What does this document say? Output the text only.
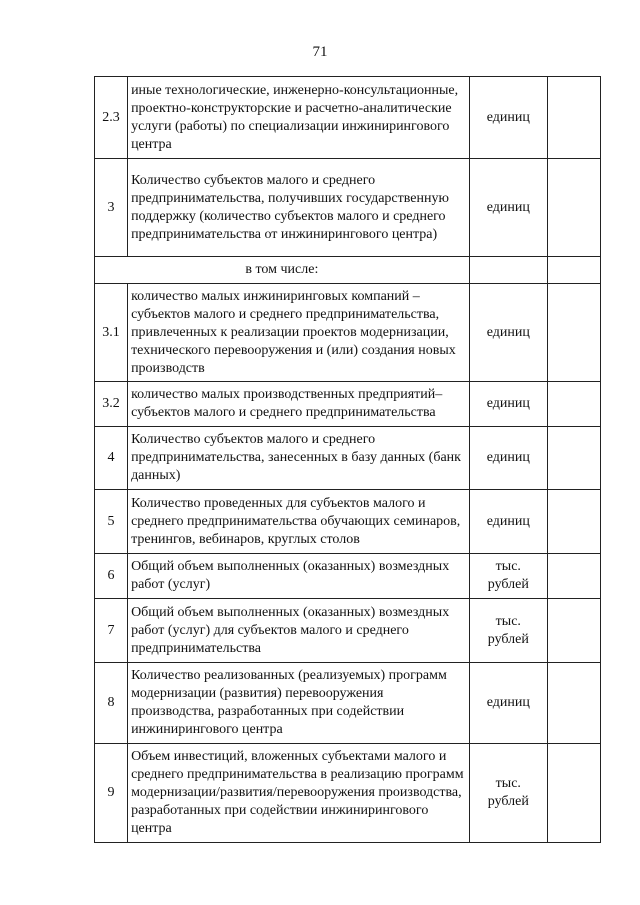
71
2.3	иные технологические, инженерно-консультационные, проектно-конструкторские и расчетно-аналитические услуги (работы) по специализации инжинирингового центра	единиц	
3	Количество субъектов малого и среднего предпринимательства, получивших государственную поддержку (количество субъектов малого и среднего предпринимательства от инжинирингового центра)	единиц	
в том числе:			
3.1	количество малых инжиниринговых компаний – субъектов малого и среднего предпринимательства, привлеченных к реализации проектов модернизации, технического перевооружения и (или) создания новых производств	единиц	
3.2	количество малых производственных предприятий– субъектов малого и среднего предпринимательства	единиц	
4	Количество субъектов малого и среднего предпринимательства, занесенных в базу данных (банк данных)	единиц	
5	Количество проведенных для субъектов малого и среднего предпринимательства обучающих семинаров, тренингов, вебинаров, круглых столов	единиц	
6	Общий объем выполненных (оказанных) возмездных работ (услуг)	тыс.
рублей	
7	Общий объем выполненных (оказанных) возмездных работ (услуг) для субъектов малого и среднего предпринимательства	тыс.
рублей	
8	Количество реализованных (реализуемых) программ модернизации (развития) перевооружения производства, разработанных при содействии инжинирингового центра	единиц	
9	Объем инвестиций, вложенных субъектами малого и среднего предпринимательства в реализацию программ модернизации/развития/перевооружения производства, разработанных при содействии инжинирингового центра	тыс.
рублей	
